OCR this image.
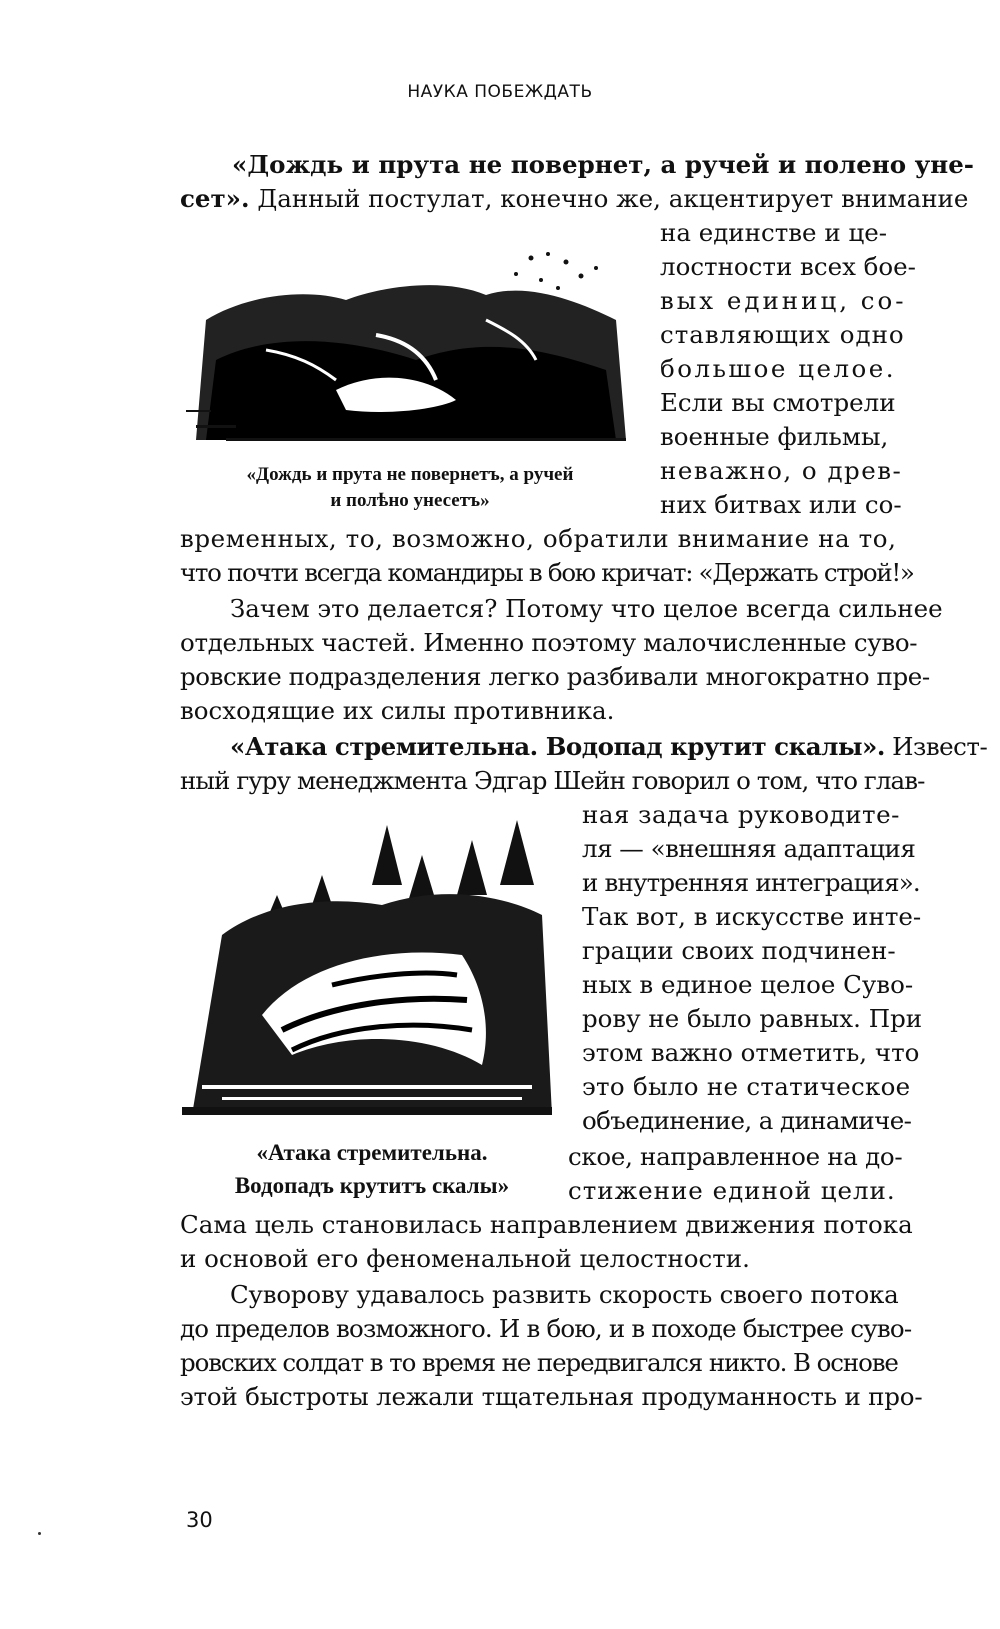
НАУКА ПОБЕЖДАТЬ

«Дождь и прута не повернет, а ручей и полено уне-

сет». Данный постулат, конечно же, акцентирует внимание

на единстве и це-

лостности всех бое-

вых единиц, со-

ставляющих одно

большое целое.

Если вы смотрели

военные фильмы,

неважно, о древ-

них битвах или со-

временных, то, возможно, обратили внимание на то,

что почти всегда командиры в бою кричат: «Держать строй!»

Зачем это делается? Потому что целое всегда сильнее

отдельных частей. Именно поэтому малочисленные суво-

ровские подразделения легко разбивали многократно пре-

восходящие их силы противника.

«Атака стремительна. Водопад крутит скалы». Извест-

ный гуру менеджмента Эдгар Шейн говорил о том, что глав-

ная задача руководите-

ля — «внешняя адаптация

и внутренняя интеграция».

Так вот, в искусстве инте-

грации своих подчинен-

ных в единое целое Суво-

рову не было равных. При

этом важно отметить, что

это было не статическое

объединение, а динамиче-

ское, направленное на до-

стижение единой цели.

Сама цель становилась направлением движения потока

и основой его феноменальной целостности.

Суворову удавалось развить скорость своего потока

до пределов возможного. И в бою, и в походе быстрее суво-

ровских солдат в то время не передвигался никто. В основе

этой быстроты лежали тщательная продуманность и про-

«Дождь и прута не повернетъ, а ручей
и полѣно унесетъ»
«Атака стремительна.
Водопадъ крутитъ скалы»
30
